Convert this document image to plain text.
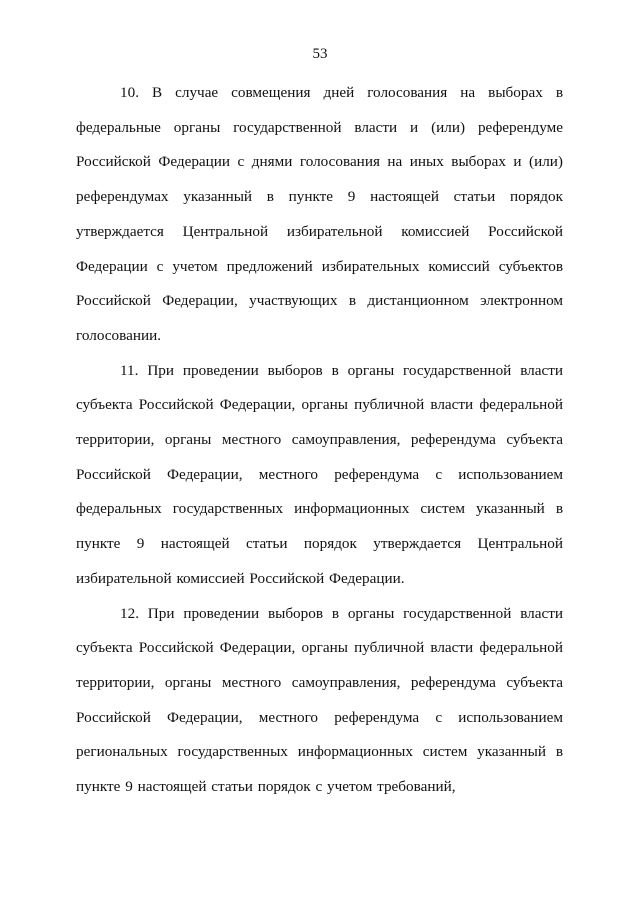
53

10. В случае совмещения дней голосования на выборах в федеральные органы государственной власти и (или) референдуме Российской Федерации с днями голосования на иных выборах и (или) референдумах указанный в пункте 9 настоящей статьи порядок утверждается Центральной избирательной комиссией Российской Федерации с учетом предложений избирательных комиссий субъектов Российской Федерации, участвующих в дистанционном электронном голосовании.

11. При проведении выборов в органы государственной власти субъекта Российской Федерации, органы публичной власти федеральной территории, органы местного самоуправления, референдума субъекта Российской Федерации, местного референдума с использованием федеральных государственных информационных систем указанный в пункте 9 настоящей статьи порядок утверждается Центральной избирательной комиссией Российской Федерации.

12. При проведении выборов в органы государственной власти субъекта Российской Федерации, органы публичной власти федеральной территории, органы местного самоуправления, референдума субъекта Российской Федерации, местного референдума с использованием региональных государственных информационных систем указанный в пункте 9 настоящей статьи порядок с учетом требований,
